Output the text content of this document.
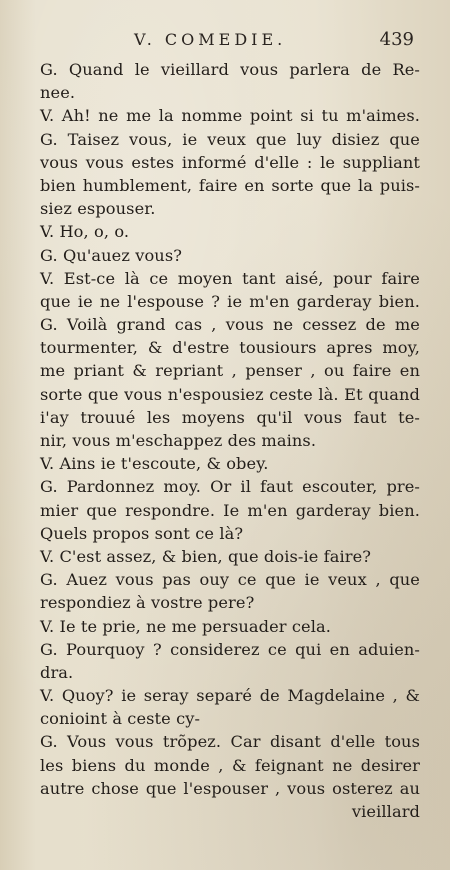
V. COMEDIE.	439
G. Quand le vieillard vous parlera de Re-
nee.
V. Ah! ne me la nomme point si tu m'aimes.
G. Taisez vous, ie veux que luy disiez que
vous vous estes informé d'elle : le suppliant
bien humblement, faire en sorte que la puis-
siez espouser.
V. Ho, o, o.
G. Qu'auez vous?
V. Est-ce là ce moyen tant aisé, pour faire
que ie ne l'espouse ? ie m'en garderay bien.
G. Voilà grand cas , vous ne cessez de me
tourmenter, & d'estre tousiours apres moy,
me priant & repriant , penser , ou faire en
sorte que vous n'espousiez ceste là. Et quand
i'ay trouué les moyens qu'il vous faut te-
nir, vous m'eschappez des mains.
V. Ains ie t'escoute, & obey.
G. Pardonnez moy. Or il faut escouter, pre-
mier que respondre. Ie m'en garderay bien.
Quels propos sont ce là?
V. C'est assez, & bien, que dois-ie faire?
G. Auez vous pas ouy ce que ie veux , que
respondiez à vostre pere?
V. Ie te prie, ne me persuader cela.
G. Pourquoy ? considerez ce qui en aduien-
dra.
V. Quoy? ie seray separé de Magdelaine , &
conioint à ceste cy-
G. Vous vous trõpez. Car disant d'elle tous
les biens du monde , & feignant ne desirer
autre chose que l'espouser , vous osterez au
vieillard
